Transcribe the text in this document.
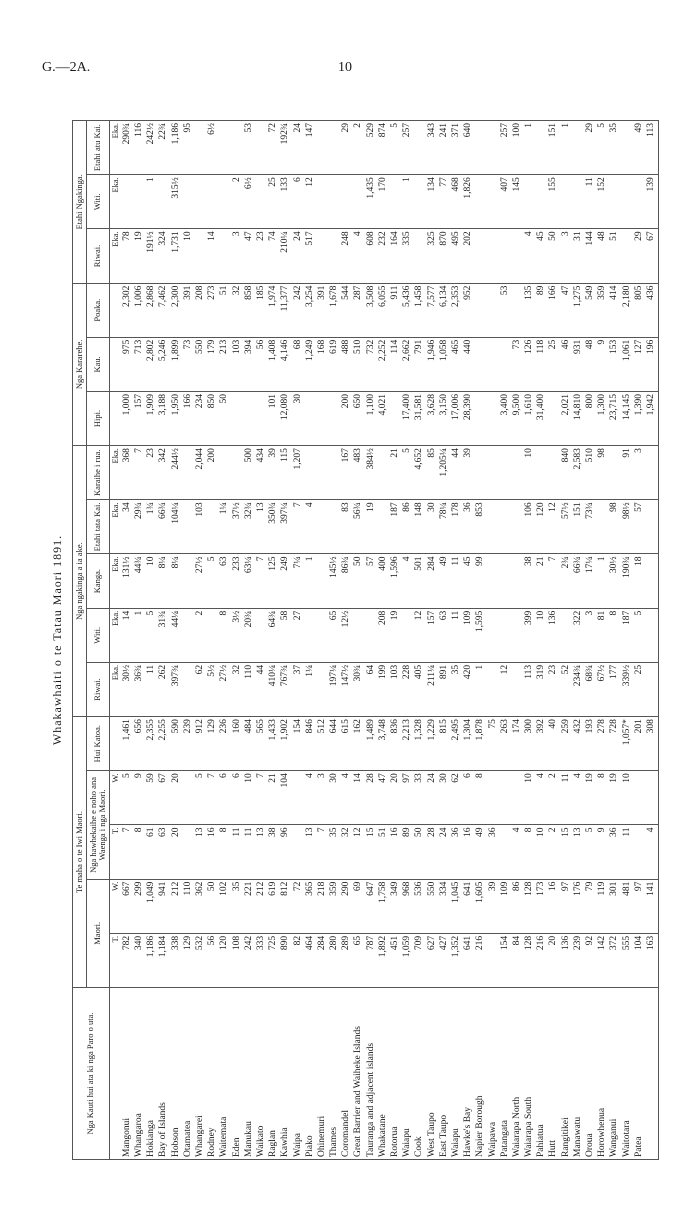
G.—2A.	10
Whakawhaiti o te Tatau Maori 1891.
Nga Kauti hui ata ki nga Paro o uta.	Te maha o te Iwi Maori.					Nga ngakinga a ia ake.					Nga Kararehe.			Etahi Ngakinga.		
	Maori.		Nga hawhekaihe e noho ana Waenga i nga Maori.		Hui Katoa.	Riwai.	Witi.	Kanga.	Etahi tata Kai.	Karaihe i rua.	Hipi.	Kau.	Poaka.	Riwai.	Witi.	Etahi atu Kai.
	T.	W.	T.	W.		Eka.	Eka.	Eka.	Eka.	Eka.				Eka.	Eka.	Eka.
Mangonui	782	667	7	5	1,461	30½	14	131½	34	368	1,000	975	2,302	78		290¾
Whangaroa	340	299	8	9	656	36¾	1	44¾	29¾	7	157	713	1,006	19		116
Hokianga	1,186	1,049	61	59	2,355	11	5	10	1¾	23	1,909	2,802	2,868	191½	1	242½
Bay of Islands	1,184	941	63	67	2,255	262	31¾	8¼	66¾	342	3,188	5,246	7,462	324		22¾
Hobson	338	212	20	20	590	397¾	44¼	8¼	104¼	244½	1,950	1,899	2,300	1,731	315½	1,186
Otamatea	129	110			239						166	73	391	10		95
Whangarei	532	362	13	5	912	62	2	27½	103	2,044	234	550	208			
Rodney	56	50	16	7	129	5½		5		200	850	179	273	14		6½
Waitemata	120	102	8	6	236	27½	8	63	1¼		50	213	51			
Eden	108	35	11	6	160	32	3½	233	37½			103	32	3	2	
Manukau	242	221	11	10	484	110	20¾	63¼	32¾	500		394	858	47	6½	53
Waikato	333	212	13	7	565	44		7	13	434		56	185	23		
Raglan	725	619	38	21	1,433	410¼	64¾	125	350¾	39	101	1,408	1,974	74	25	72
Kawhia	890	812	96	104	1,902	767¾	58	249	397¼	115	12,080	4,146	11,377	210¼	133	192¾
Waipa	82	72			154	37	27	7¼	7	1,207	30	68	242	24	6	24
Piako	464	365	13	4	846	1¼		1	4			1,249	3,254	517	12	147
Ohinemuri	284	218	7	3	512							168	391			
Thames	280	359	35	30	644	197¼	65	145½				619	1,678			
Coromandel	289	290	32	4	615	147½	12½	86¾	83	167	200	488	544	248		29
Great Barrier and Waiheke Islands	65	69	12	14	162	30¾		50	56¾	483	650	510	287	4		2
Tauranga and adjacent islands	787	647	15	28	1,489	64		57	19	384½	1,100	732	3,508	608	1,435	529
Whakatane	1,892	1,758	51	47	3,748	199	208	400			4,021	2,252	6,055	232	170	874
Rotorua	451	349	16	20	836	103	19	1,596	187	21		114	911	164		5
Waiapu	1,059	968	89	97	2,213	228		4	86	5	17,400	2,662	5,436	335	1	257
Cook	709	536	50	33	1,328	405	12	501	148	4,652	31,581	791	1,458			
West Taupo	627	550	28	24	1,229	211¼	157	284	30	85	3,628	1,946	7,577	325	134	343
East Taupo	427	334	24	30	815	891	63	49	78¼	1,205¼	3,150	1,058	6,134	870	77	241
Waiapu	1,352	1,045	36	62	2,495	35	11	11	178	44	17,006	465	2,353	495	468	371
Hawke's Bay	641	641	16	6	1,304	420	109	45	36	39	28,390	440	952	202	1,826	640
Napier Borough	216	1,605	49	8	1,878	1	1,595	99	853							
Waipawa		39	36		75											
Patangata	154	109			263	12					3,400		53		407	257
Waiarapa North	84	86	4		174						9,500	73			145	100
Waiarapa South	128	128	8	10	300	113	399	38	106	10	1,610	126	135	4		1
Pahiatua	216	173	10	4	392	319	10	21	120		31,400	118	89	45		
Hutt	20	16	2	2	40	23	136	7	12			25	166	50	155	151
Rangitikei	136	97	15	11	259	52		2¾	57½	840	2,021	46	47	3		1
Manawatu	239	176	13	4	432	234¾	322	66¾	151	2,583	14,810	931	1,275	31		
Oroua	92	79	5	19	193	68¾	3	17¼	73¾	510	800	48	549	144	11	29
Horowhenua	142	119	9	8	278	67½	81	1		98	1,300	9	359	48	152	5
Wanganui	372	301	36	19	728	177	8	30½	98		23,715	153	414	51		35
Waitotara	555	481	11	10	1,057*	339½	187	190¾	98½	91	14,145	1,061	2,180			
Patea	104	97			201	25	5	18	57	3	1,390	127	805	29		49
	163	141	4		308						1,942	196	436	67	139	113
